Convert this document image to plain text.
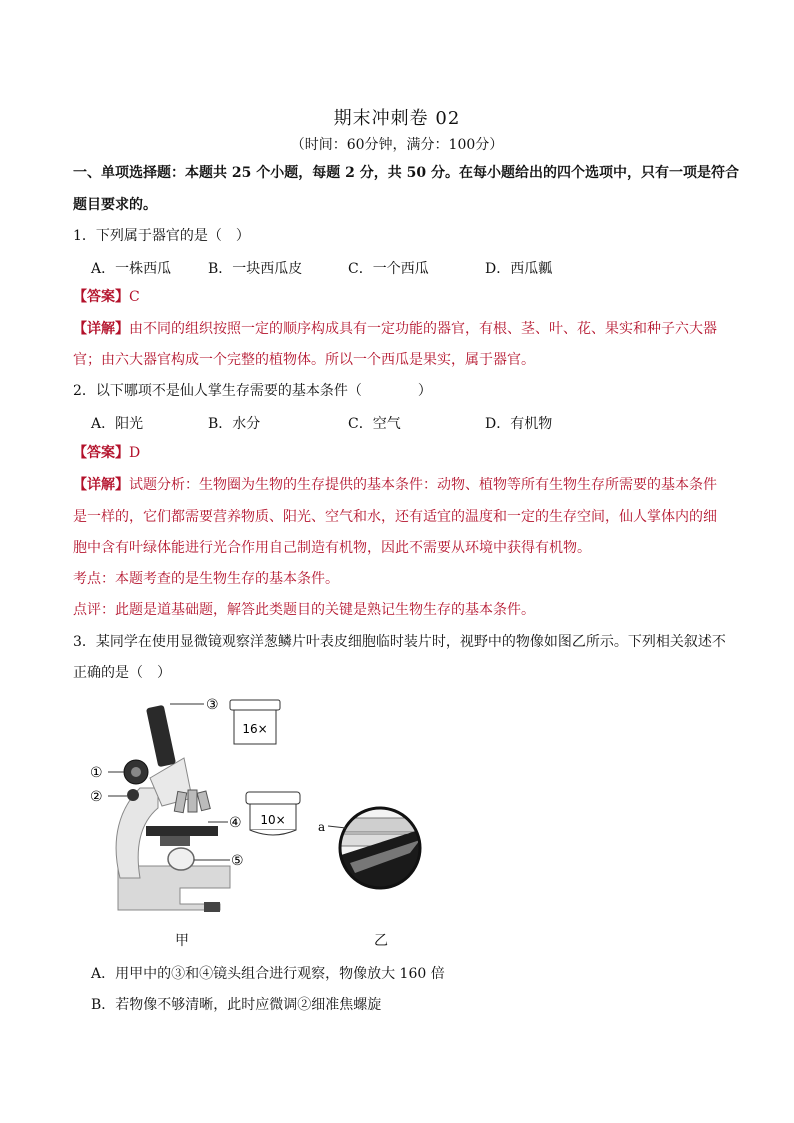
期末冲刺卷 02
（时间：60分钟，满分：100分）
一、单项选择题：本题共 25 个小题，每题 2 分，共 50 分。在每小题给出的四个选项中，只有一项是符合
题目要求的。
1．下列属于器官的是（　）
A．一株西瓜	B．一块西瓜皮	C．一个西瓜	D．西瓜瓤
【答案】C
【详解】由不同的组织按照一定的顺序构成具有一定功能的器官，有根、茎、叶、花、果实和种子六大器
官；由六大器官构成一个完整的植物体。所以一个西瓜是果实，属于器官。
2．以下哪项不是仙人掌生存需要的基本条件（　　　　）
A．阳光	B．水分	C．空气	D．有机物
【答案】D
【详解】试题分析：生物圈为生物的生存提供的基本条件：动物、植物等所有生物生存所需要的基本条件
是一样的，它们都需要营养物质、阳光、空气和水，还有适宜的温度和一定的生存空间，仙人掌体内的细
胞中含有叶绿体能进行光合作用自己制造有机物，因此不需要从环境中获得有机物。
考点：本题考查的是生物生存的基本条件。
点评：此题是道基础题，解答此类题目的关键是熟记生物生存的基本条件。
3．某同学在使用显微镜观察洋葱鳞片叶表皮细胞临时装片时，视野中的物像如图乙所示。下列相关叙述不
正确的是（　）
③
①
②
④
⑤
16×
10×	a
甲	乙
A．用甲中的③和④镜头组合进行观察，物像放大 160 倍
B．若物像不够清晰，此时应微调②细准焦螺旋
